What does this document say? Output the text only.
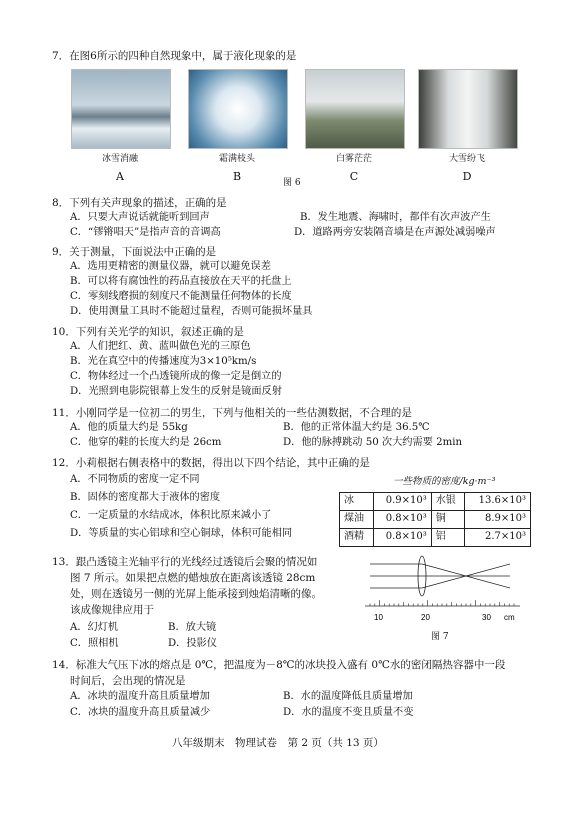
7．在图6所示的四种自然现象中，属于液化现象的是
冰雪消融	霜满枝头	白雾茫茫	大雪纷飞
A	B	C	D
图 6
8．下列有关声现象的描述，正确的是
A．只要大声说话就能听到回声	B．发生地震、海啸时，都伴有次声波产生
C．“镠锵唱天”是指声音的音调高	D．道路两旁安装隔音墙是在声源处减弱噪声
9．关于测量，下面说法中正确的是
A．选用更精密的测量仪器，就可以避免误差
B．可以将有腐蚀性的药品直接放在天平的托盘上
C．零刻线磨损的刻度尺不能测量任何物体的长度
D．使用测量工具时不能超过量程，否则可能损坏量具
10．下列有关光学的知识，叙述正确的是
A．人们把红、黄、蓝叫做色光的三原色
B．光在真空中的传播速度为3×10⁵km/s
C．物体经过一个凸透镜所成的像一定是倒立的
D．光照到电影院银幕上发生的反射是镜面反射
11．小刚同学是一位初二的男生，下列与他相关的一些估测数据，不合理的是
A．他的质量大约是 55kg	B．他的正常体温大约是 36.5℃
C．他穿的鞋的长度大约是 26cm	D．他的脉搏跳动 50 次大约需要 2min
12．小莉根据右侧表格中的数据，得出以下四个结论，其中正确的是
A．不同物质的密度一定不同
B．固体的密度都大于液体的密度
C．一定质量的水结成冰，体积比原来减小了
D．等质量的实心铝球和空心铜球，体积可能相同
一些物质的密度/kg·m⁻³
冰	0.9×10³	水银	13.6×10³
煤油	0.8×10³	铜	8.9×10³
酒精	0.8×10³	铝	2.7×10³
13．跟凸透镜主光轴平行的光线经过透镜后会聚的情况如
图 7 所示。如果把点燃的蜡烛放在距离该透镜 28cm
处，则在透镜另一侧的光屏上能承接到烛焰清晰的像。
该成像规律应用于
A．幻灯机	B．放大镜
C．照相机	D．投影仪
10	20	30 cm
图 7
14．标准大气压下冰的熔点是 0℃，把温度为－8℃的冰块投入盛有 0℃水的密闭隔热容器中一段
时间后，会出现的情况是
A．冰块的温度升高且质量增加	B．水的温度降低且质量增加
C．冰块的温度升高且质量减少	D．水的温度不变且质量不变
八年级期末　物理试卷　第 2 页（共 13 页）
